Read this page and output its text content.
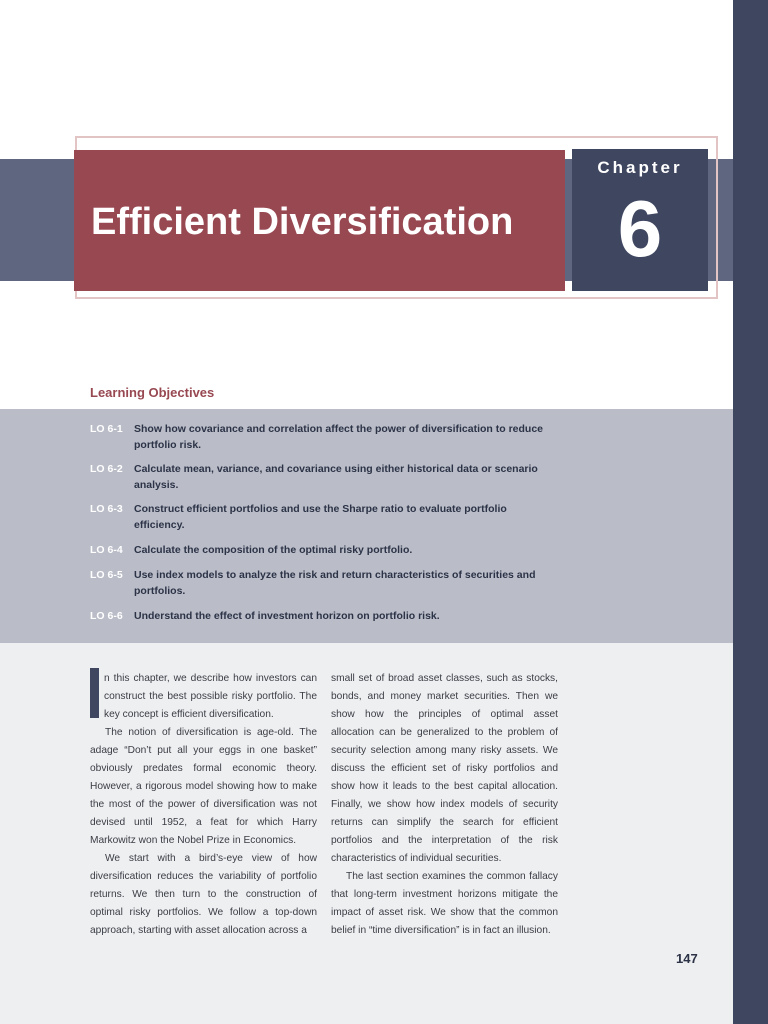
Efficient Diversification
Chapter
6
Learning Objectives
LO 6-1	Show how covariance and correlation affect the power of diversification to reduce portfolio risk.
LO 6-2	Calculate mean, variance, and covariance using either historical data or scenario analysis.
LO 6-3	Construct efficient portfolios and use the Sharpe ratio to evaluate portfolio efficiency.
LO 6-4	Calculate the composition of the optimal risky portfolio.
LO 6-5	Use index models to analyze the risk and return characteristics of securities and portfolios.
LO 6-6	Understand the effect of investment horizon on portfolio risk.

n this chapter, we describe how investors can construct the best possible risky portfolio. The key concept is efficient diversification.

The notion of diversification is age-old. The adage “Don’t put all your eggs in one basket” obviously predates formal economic theory. However, a rigorous model showing how to make the most of the power of diversification was not devised until 1952, a feat for which Harry Markowitz won the Nobel Prize in Economics.

We start with a bird’s-eye view of how diversification reduces the variability of portfolio returns. We then turn to the construction of optimal risky portfolios. We follow a top-down approach, starting with asset allocation across a

small set of broad asset classes, such as stocks, bonds, and money market securities. Then we show how the principles of optimal asset allocation can be generalized to the problem of security selection among many risky assets. We discuss the efficient set of risky portfolios and show how it leads to the best capital allocation. Finally, we show how index models of security returns can simplify the search for efficient portfolios and the interpretation of the risk characteristics of individual securities.

The last section examines the common fallacy that long-term investment horizons mitigate the impact of asset risk. We show that the common belief in “time diversification” is in fact an illusion.

147
